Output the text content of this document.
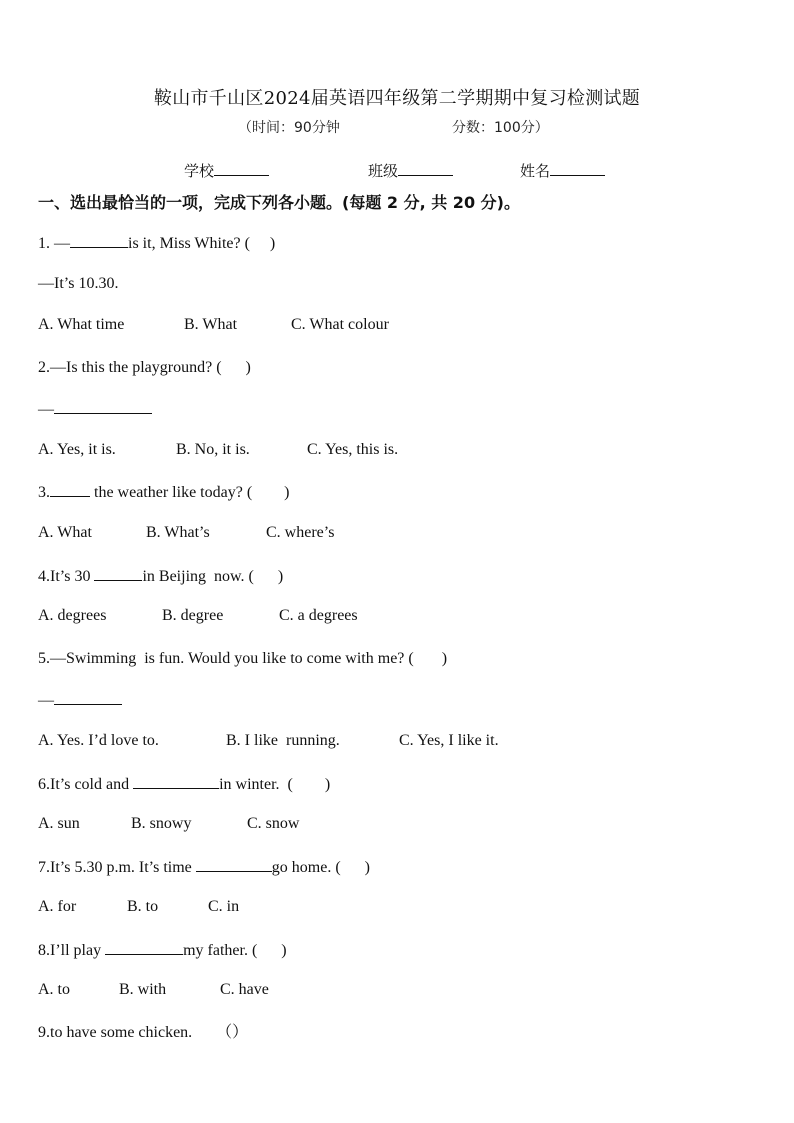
鞍山市千山区2024届英语四年级第二学期期中复习检测试题
（时间：90分钟	分数：100分）
学校	班级	姓名
一、选出最恰当的一项，完成下列各小题。(每题 2 分, 共 20 分)。
1. —	is it, Miss White? (     )
—It’s 10.30.
A. What time	B. What	C. What colour
2.—Is this the playground? (      )
—
A. Yes, it is.	B. No, it is.	C. Yes, this is.
3.	the weather like today? (        )
A. What	B. What’s	C. where’s
4.It’s 30	in Beijing  now. (      )
A. degrees	B. degree	C. a degrees
5.—Swimming  is fun. Would you like to come with me? (       )
—
A. Yes. I’d love to.	B. I like  running.	C. Yes, I like it.
6.It’s cold and	in winter.  (        )
A. sun	B. snowy	C. snow
7.It’s 5.30 p.m. It’s time	go home. (      )
A. for	B. to	C. in
8.I’ll play	my father. (      )
A. to	B. with	C. have
9.to have some chicken.      （）
